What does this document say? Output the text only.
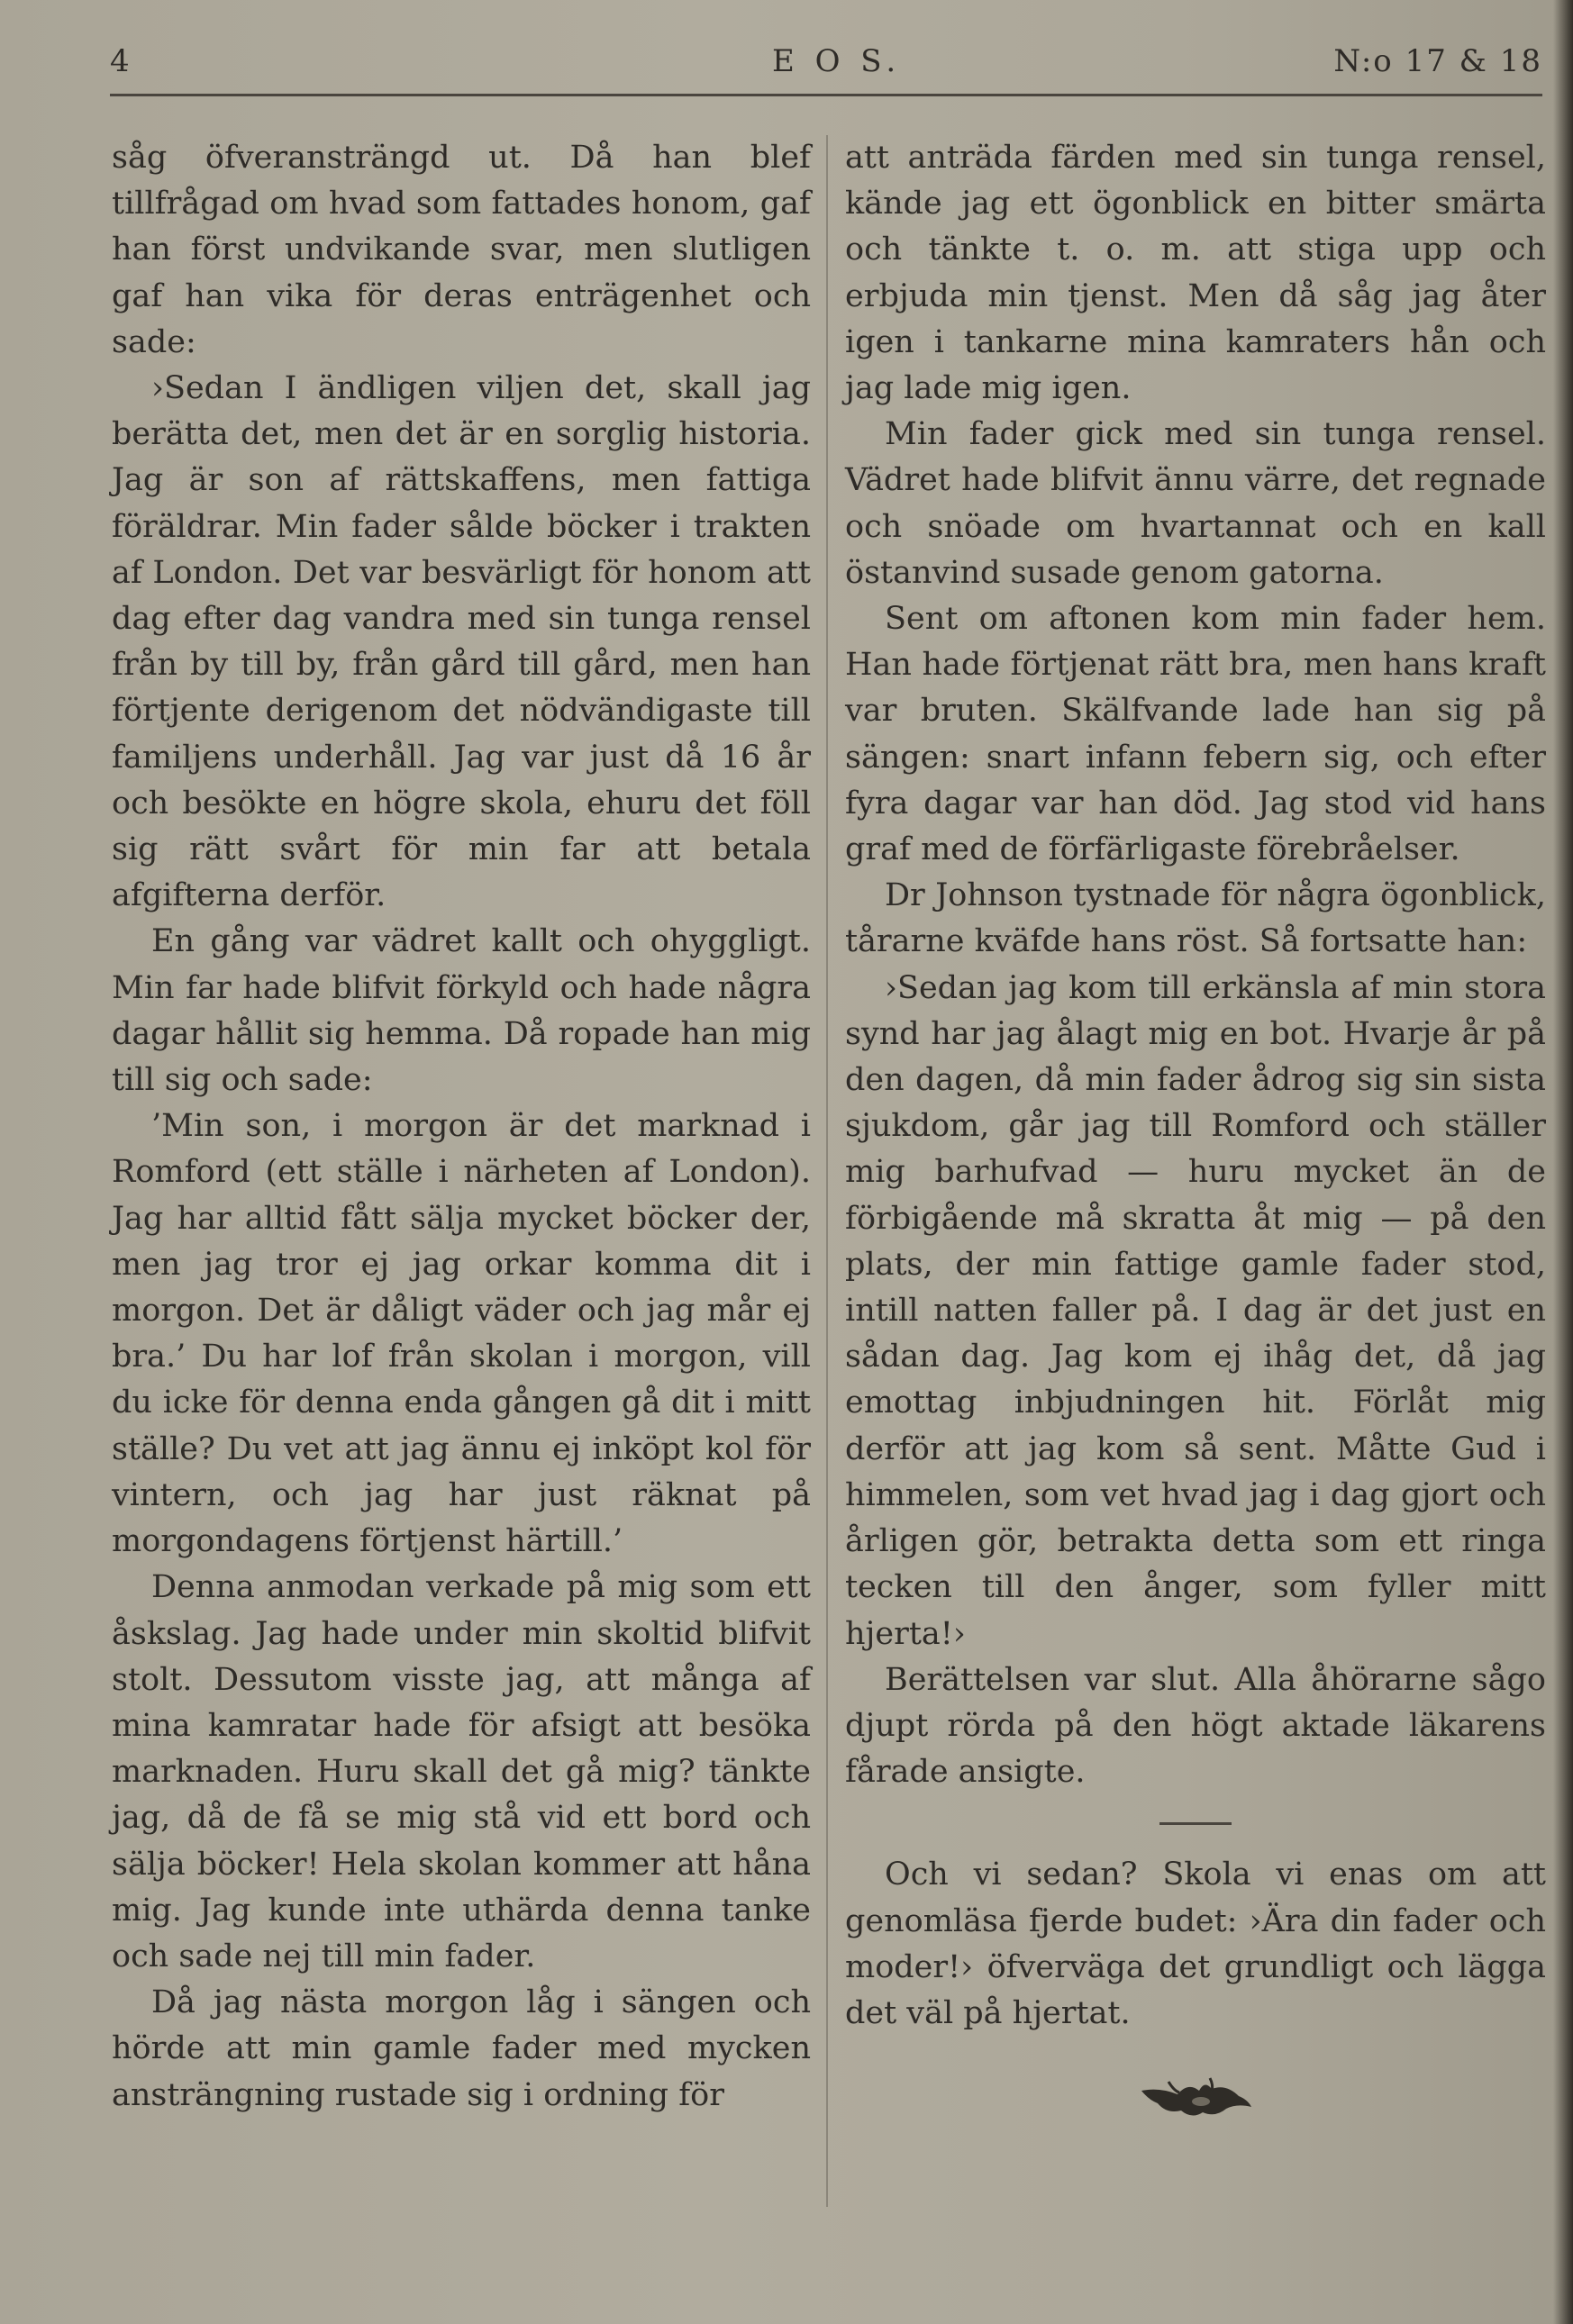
4	E O S.	N:o 17 & 18

såg öfveransträngd ut. Då han blef tillfrågad om hvad som fattades honom, gaf han först undvikande svar, men slutligen gaf han vika för deras enträgenhet och sade:

›Sedan I ändligen viljen det, skall jag berätta det, men det är en sorglig historia. Jag är son af rättskaffens, men fattiga föräldrar. Min fader sålde böcker i trakten af London. Det var besvärligt för honom att dag efter dag vandra med sin tunga rensel från by till by, från gård till gård, men han förtjente derigenom det nödvändigaste till familjens underhåll. Jag var just då 16 år och besökte en högre skola, ehuru det föll sig rätt svårt för min far att betala afgifterna derför.

En gång var vädret kallt och ohyggligt. Min far hade blifvit förkyld och hade några dagar hållit sig hemma. Då ropade han mig till sig och sade:

’Min son, i morgon är det marknad i Romford (ett ställe i närheten af London). Jag har alltid fått sälja mycket böcker der, men jag tror ej jag orkar komma dit i morgon. Det är dåligt väder och jag mår ej bra.’ Du har lof från skolan i morgon, vill du icke för denna enda gången gå dit i mitt ställe? Du vet att jag ännu ej inköpt kol för vintern, och jag har just räknat på morgondagens förtjenst härtill.’

Denna anmodan verkade på mig som ett åskslag. Jag hade under min skoltid blifvit stolt. Dessutom visste jag, att många af mina kamratar hade för afsigt att besöka marknaden. Huru skall det gå mig? tänkte jag, då de få se mig stå vid ett bord och sälja böcker! Hela skolan kommer att håna mig. Jag kunde inte uthärda denna tanke och sade nej till min fader.

Då jag nästa morgon låg i sängen och hörde att min gamle fader med mycken ansträngning rustade sig i ordning för

att anträda färden med sin tunga rensel, kände jag ett ögonblick en bitter smärta och tänkte t. o. m. att stiga upp och erbjuda min tjenst. Men då såg jag åter igen i tankarne mina kamraters hån och jag lade mig igen.

Min fader gick med sin tunga rensel. Vädret hade blifvit ännu värre, det regnade och snöade om hvartannat och en kall östanvind susade genom gatorna.

Sent om aftonen kom min fader hem. Han hade förtjenat rätt bra, men hans kraft var bruten. Skälfvande lade han sig på sängen: snart infann febern sig, och efter fyra dagar var han död. Jag stod vid hans graf med de förfärligaste förebråelser.

Dr Johnson tystnade för några ögonblick, tårarne kväfde hans röst. Så fortsatte han:

›Sedan jag kom till erkänsla af min stora synd har jag ålagt mig en bot. Hvarje år på den dagen, då min fader ådrog sig sin sista sjukdom, går jag till Romford och ställer mig barhufvad — huru mycket än de förbigående må skratta åt mig — på den plats, der min fattige gamle fader stod, intill natten faller på. I dag är det just en sådan dag. Jag kom ej ihåg det, då jag emottag inbjudningen hit. Förlåt mig derför att jag kom så sent. Måtte Gud i himmelen, som vet hvad jag i dag gjort och årligen gör, betrakta detta som ett ringa tecken till den ånger, som fyller mitt hjerta!›

Berättelsen var slut. Alla åhörarne sågo djupt rörda på den högt aktade läkarens fårade ansigte.

Och vi sedan? Skola vi enas om att genomläsa fjerde budet: ›Ära din fader och moder!› öfverväga det grundligt och lägga det väl på hjertat.
